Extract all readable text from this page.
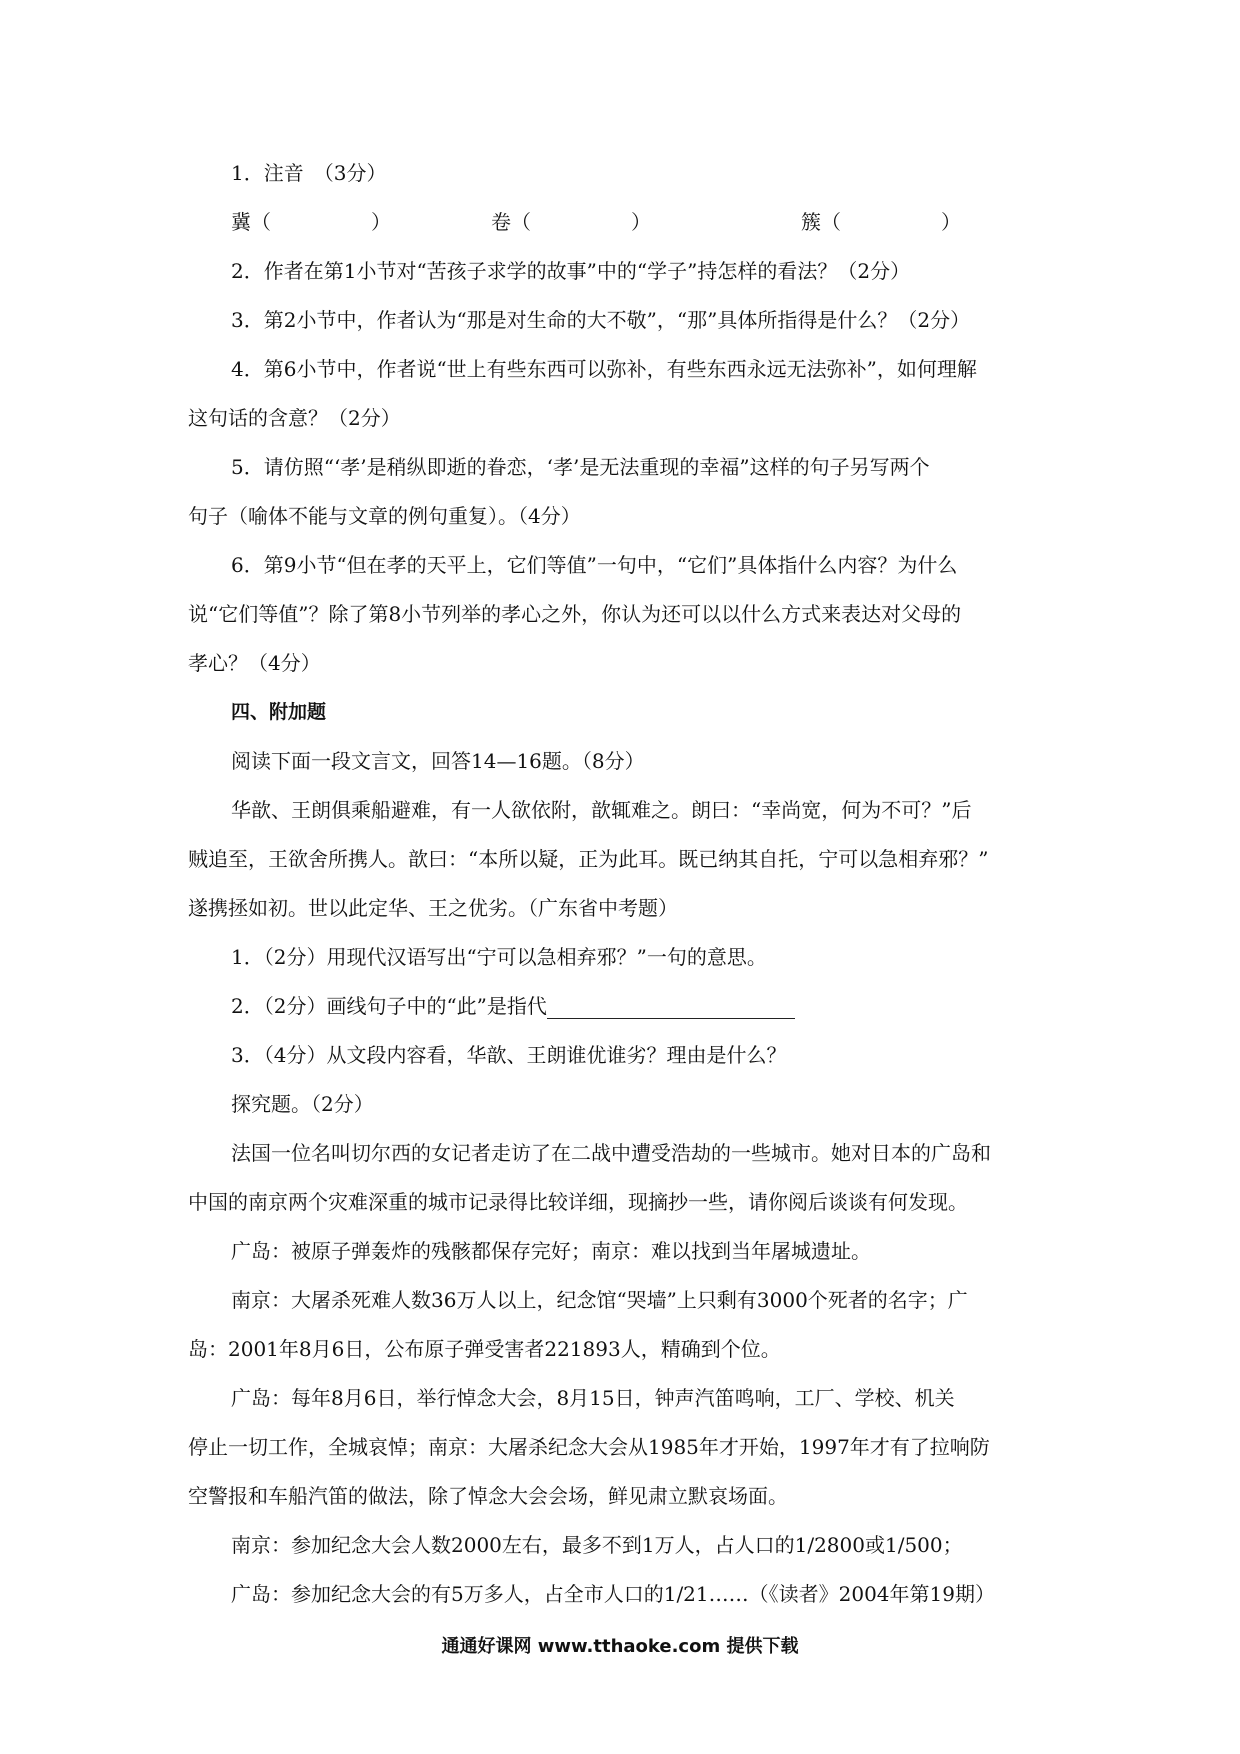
1．注音　（3分）
冀（　　　　　）	卷（　　　　　）	簇（　　　　　）
2．作者在第1小节对“苦孩子求学的故事”中的“学子”持怎样的看法？（2分）
3．第2小节中，作者认为“那是对生命的大不敬”，“那”具体所指得是什么？（2分）
4．第6小节中，作者说“世上有些东西可以弥补，有些东西永远无法弥补”，如何理解
这句话的含意？（2分）
5．请仿照“‘孝’是稍纵即逝的眷恋，‘孝’是无法重现的幸福”这样的句子另写两个
句子（喻体不能与文章的例句重复）。（4分）
6．第9小节“但在孝的天平上，它们等值”一句中，“它们”具体指什么内容？为什么
说“它们等值”？除了第8小节列举的孝心之外，你认为还可以以什么方式来表达对父母的
孝心？（4分）
四、附加题
阅读下面一段文言文，回答14—16题。（8分）
华歆、王朗俱乘船避难，有一人欲依附，歆辄难之。朗曰：“幸尚宽，何为不可？”后
贼追至，王欲舍所携人。歆曰：“本所以疑，正为此耳。既已纳其自托，宁可以急相弃邪？”
遂携拯如初。世以此定华、王之优劣。（广东省中考题）
1．（2分）用现代汉语写出“宁可以急相弃邪？”一句的意思。
2．（2分）画线句子中的“此”是指代
3．（4分）从文段内容看，华歆、王朗谁优谁劣？理由是什么？
探究题。（2分）
法国一位名叫切尔西的女记者走访了在二战中遭受浩劫的一些城市。她对日本的广岛和
中国的南京两个灾难深重的城市记录得比较详细，现摘抄一些，请你阅后谈谈有何发现。
广岛：被原子弹轰炸的残骸都保存完好；南京：难以找到当年屠城遗址。
南京：大屠杀死难人数36万人以上，纪念馆“哭墙”上只剩有3000个死者的名字；广
岛：2001年8月6日，公布原子弹受害者221893人，精确到个位。
广岛：每年8月6日，举行悼念大会，8月15日，钟声汽笛鸣响，工厂、学校、机关
停止一切工作，全城哀悼；南京：大屠杀纪念大会从1985年才开始，1997年才有了拉响防
空警报和车船汽笛的做法，除了悼念大会会场，鲜见肃立默哀场面。
南京：参加纪念大会人数2000左右，最多不到1万人，占人口的1/2800或1/500；
广岛：参加纪念大会的有5万多人，占全市人口的1/21……（《读者》2004年第19期）
通通好课网 www.tthaoke.com 提供下载
